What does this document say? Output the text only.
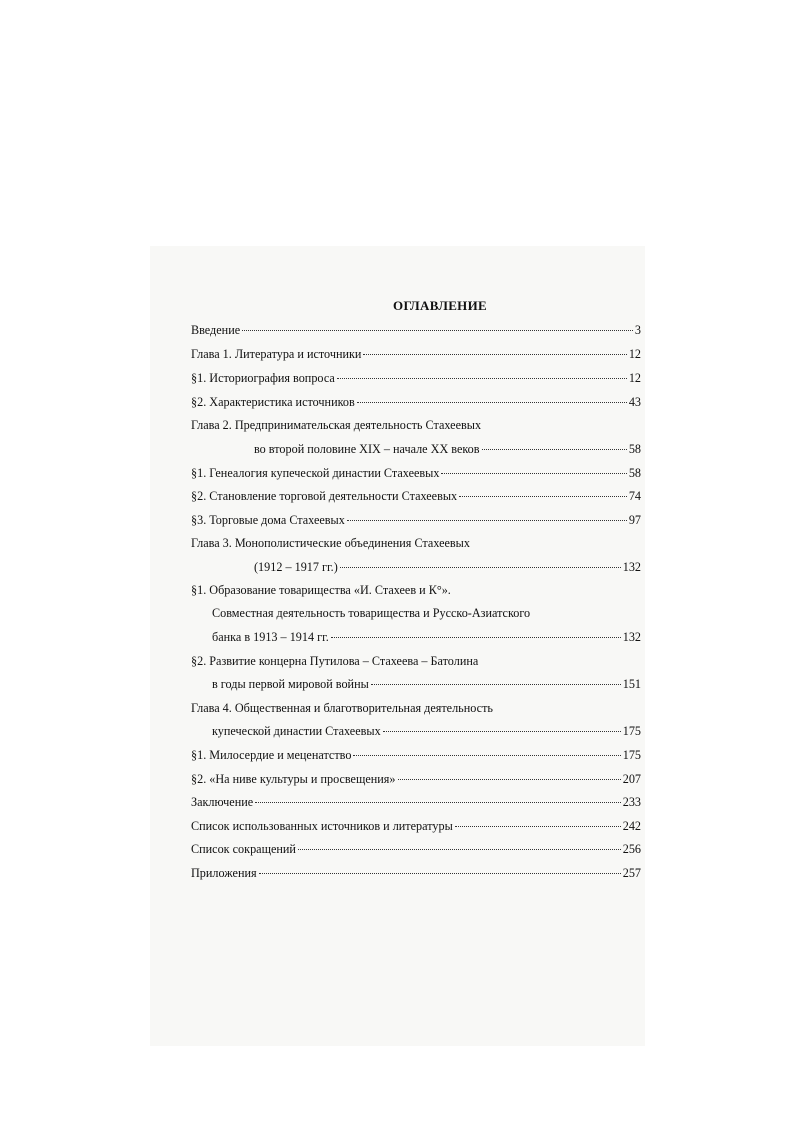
ОГЛАВЛЕНИЕ
Введение	3
Глава 1. Литература и источники	12
§1. Историография вопроса	12
§2. Характеристика источников	43
Глава 2. Предпринимательская деятельность Стахеевых
во второй половине XIX – начале XX веков	58
§1. Генеалогия купеческой династии Стахеевых	58
§2. Становление торговой деятельности Стахеевых	74
§3. Торговые дома Стахеевых	97
Глава 3. Монополистические объединения Стахеевых
(1912 – 1917 гг.)	132
§1. Образование товарищества «И. Стахеев и К°».
Совместная деятельность товарищества и Русско-Азиатского
банка в 1913 – 1914 гг.	132
§2. Развитие концерна Путилова – Стахеева – Батолина
в годы первой мировой войны	151
Глава 4. Общественная и благотворительная деятельность
купеческой династии Стахеевых	175
§1. Милосердие и меценатство	175
§2. «На ниве культуры и просвещения»	207
Заключение	233
Список использованных источников и литературы	242
Список сокращений	256
Приложения	257
